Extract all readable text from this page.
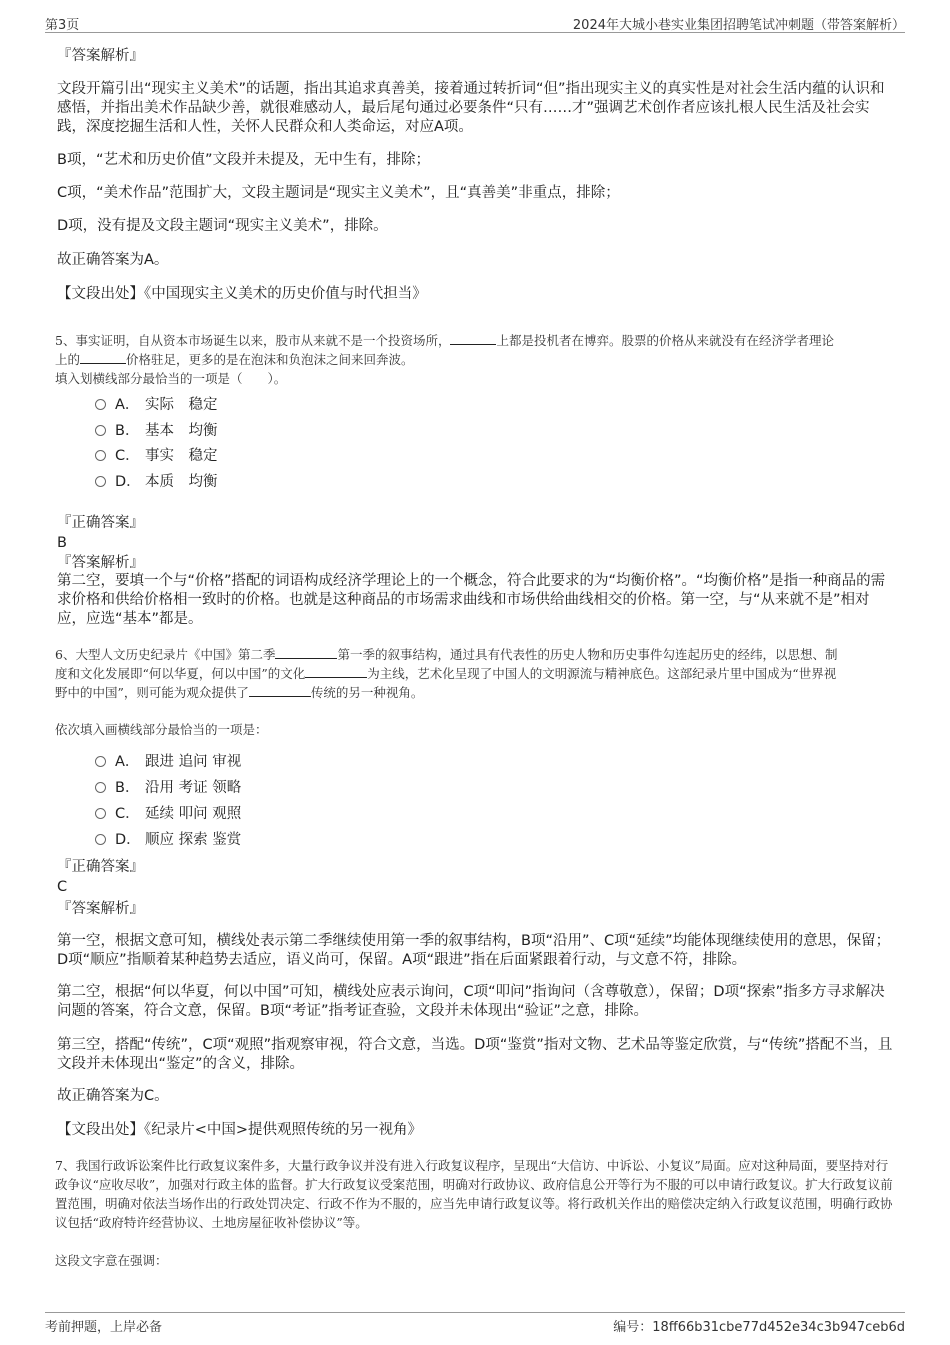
第3页	2024年大城小巷实业集团招聘笔试冲刺题（带答案解析）
『答案解析』
文段开篇引出“现实主义美术”的话题，指出其追求真善美，接着通过转折词“但”指出现实主义的真实性是对社会生活内蕴的认识和感悟，并指出美术作品缺少善，就很难感动人，最后尾句通过必要条件“只有……才”强调艺术创作者应该扎根人民生活及社会实践，深度挖掘生活和人性，关怀人民群众和人类命运，对应A项。
B项，“艺术和历史价值”文段并未提及，无中生有，排除；
C项，“美术作品”范围扩大，文段主题词是“现实主义美术”，且“真善美”非重点，排除；
D项，没有提及文段主题词“现实主义美术”，排除。
故正确答案为A。
【文段出处】《中国现实主义美术的历史价值与时代担当》
5、事实证明，自从资本市场诞生以来，股市从来就不是一个投资场所，	上都是投机者在博弈。股票的价格从来就没有在经济学者理论
上的	价格驻足，更多的是在泡沫和负泡沫之间来回奔波。
填入划横线部分最恰当的一项是（　　）。
A． 实际　稳定
B． 基本　均衡
C． 事实　稳定
D． 本质　均衡
『正确答案』
B
『答案解析』
第二空，要填一个与“价格”搭配的词语构成经济学理论上的一个概念，符合此要求的为“均衡价格”。“均衡价格”是指一种商品的需求价格和供给价格相一致时的价格。也就是这种商品的市场需求曲线和市场供给曲线相交的价格。第一空，与“从来就不是”相对应，应选“基本”都是。
6、大型人文历史纪录片《中国》第二季	第一季的叙事结构，通过具有代表性的历史人物和历史事件勾连起历史的经纬，以思想、制
度和文化发展即“何以华夏，何以中国”的文化	为主线，艺术化呈现了中国人的文明源流与精神底色。这部纪录片里中国成为“世界视
野中的中国”，则可能为观众提供了	传统的另一种视角。
依次填入画横线部分最恰当的一项是：
A． 跟进 追问 审视
B． 沿用 考证 领略
C． 延续 叩问 观照
D． 顺应 探索 鉴赏
『正确答案』
C
『答案解析』
第一空，根据文意可知，横线处表示第二季继续使用第一季的叙事结构，B项“沿用”、C项“延续”均能体现继续使用的意思，保留；D项“顺应”指顺着某种趋势去适应，语义尚可，保留。A项“跟进”指在后面紧跟着行动，与文意不符，排除。
第二空，根据“何以华夏，何以中国”可知，横线处应表示询问，C项“叩问”指询问（含尊敬意），保留；D项“探索”指多方寻求解决问题的答案，符合文意，保留。B项“考证”指考证查验，文段并未体现出“验证”之意，排除。
第三空，搭配“传统”，C项“观照”指观察审视，符合文意，当选。D项“鉴赏”指对文物、艺术品等鉴定欣赏，与“传统”搭配不当，且文段并未体现出“鉴定”的含义，排除。
故正确答案为C。
【文段出处】《纪录片<中国>提供观照传统的另一视角》
7、我国行政诉讼案件比行政复议案件多，大量行政争议并没有进入行政复议程序，呈现出“大信访、中诉讼、小复议”局面。应对这种局面，要坚持对行政争议“应收尽收”，加强对行政主体的监督。扩大行政复议受案范围，明确对行政协议、政府信息公开等行为不服的可以申请行政复议。扩大行政复议前置范围，明确对依法当场作出的行政处罚决定、行政不作为不服的，应当先申请行政复议等。将行政机关作出的赔偿决定纳入行政复议范围，明确行政协议包括“政府特许经营协议、土地房屋征收补偿协议”等。
这段文字意在强调：
考前押题，上岸必备	编号：18ff66b31cbe77d452e34c3b947ceb6d
